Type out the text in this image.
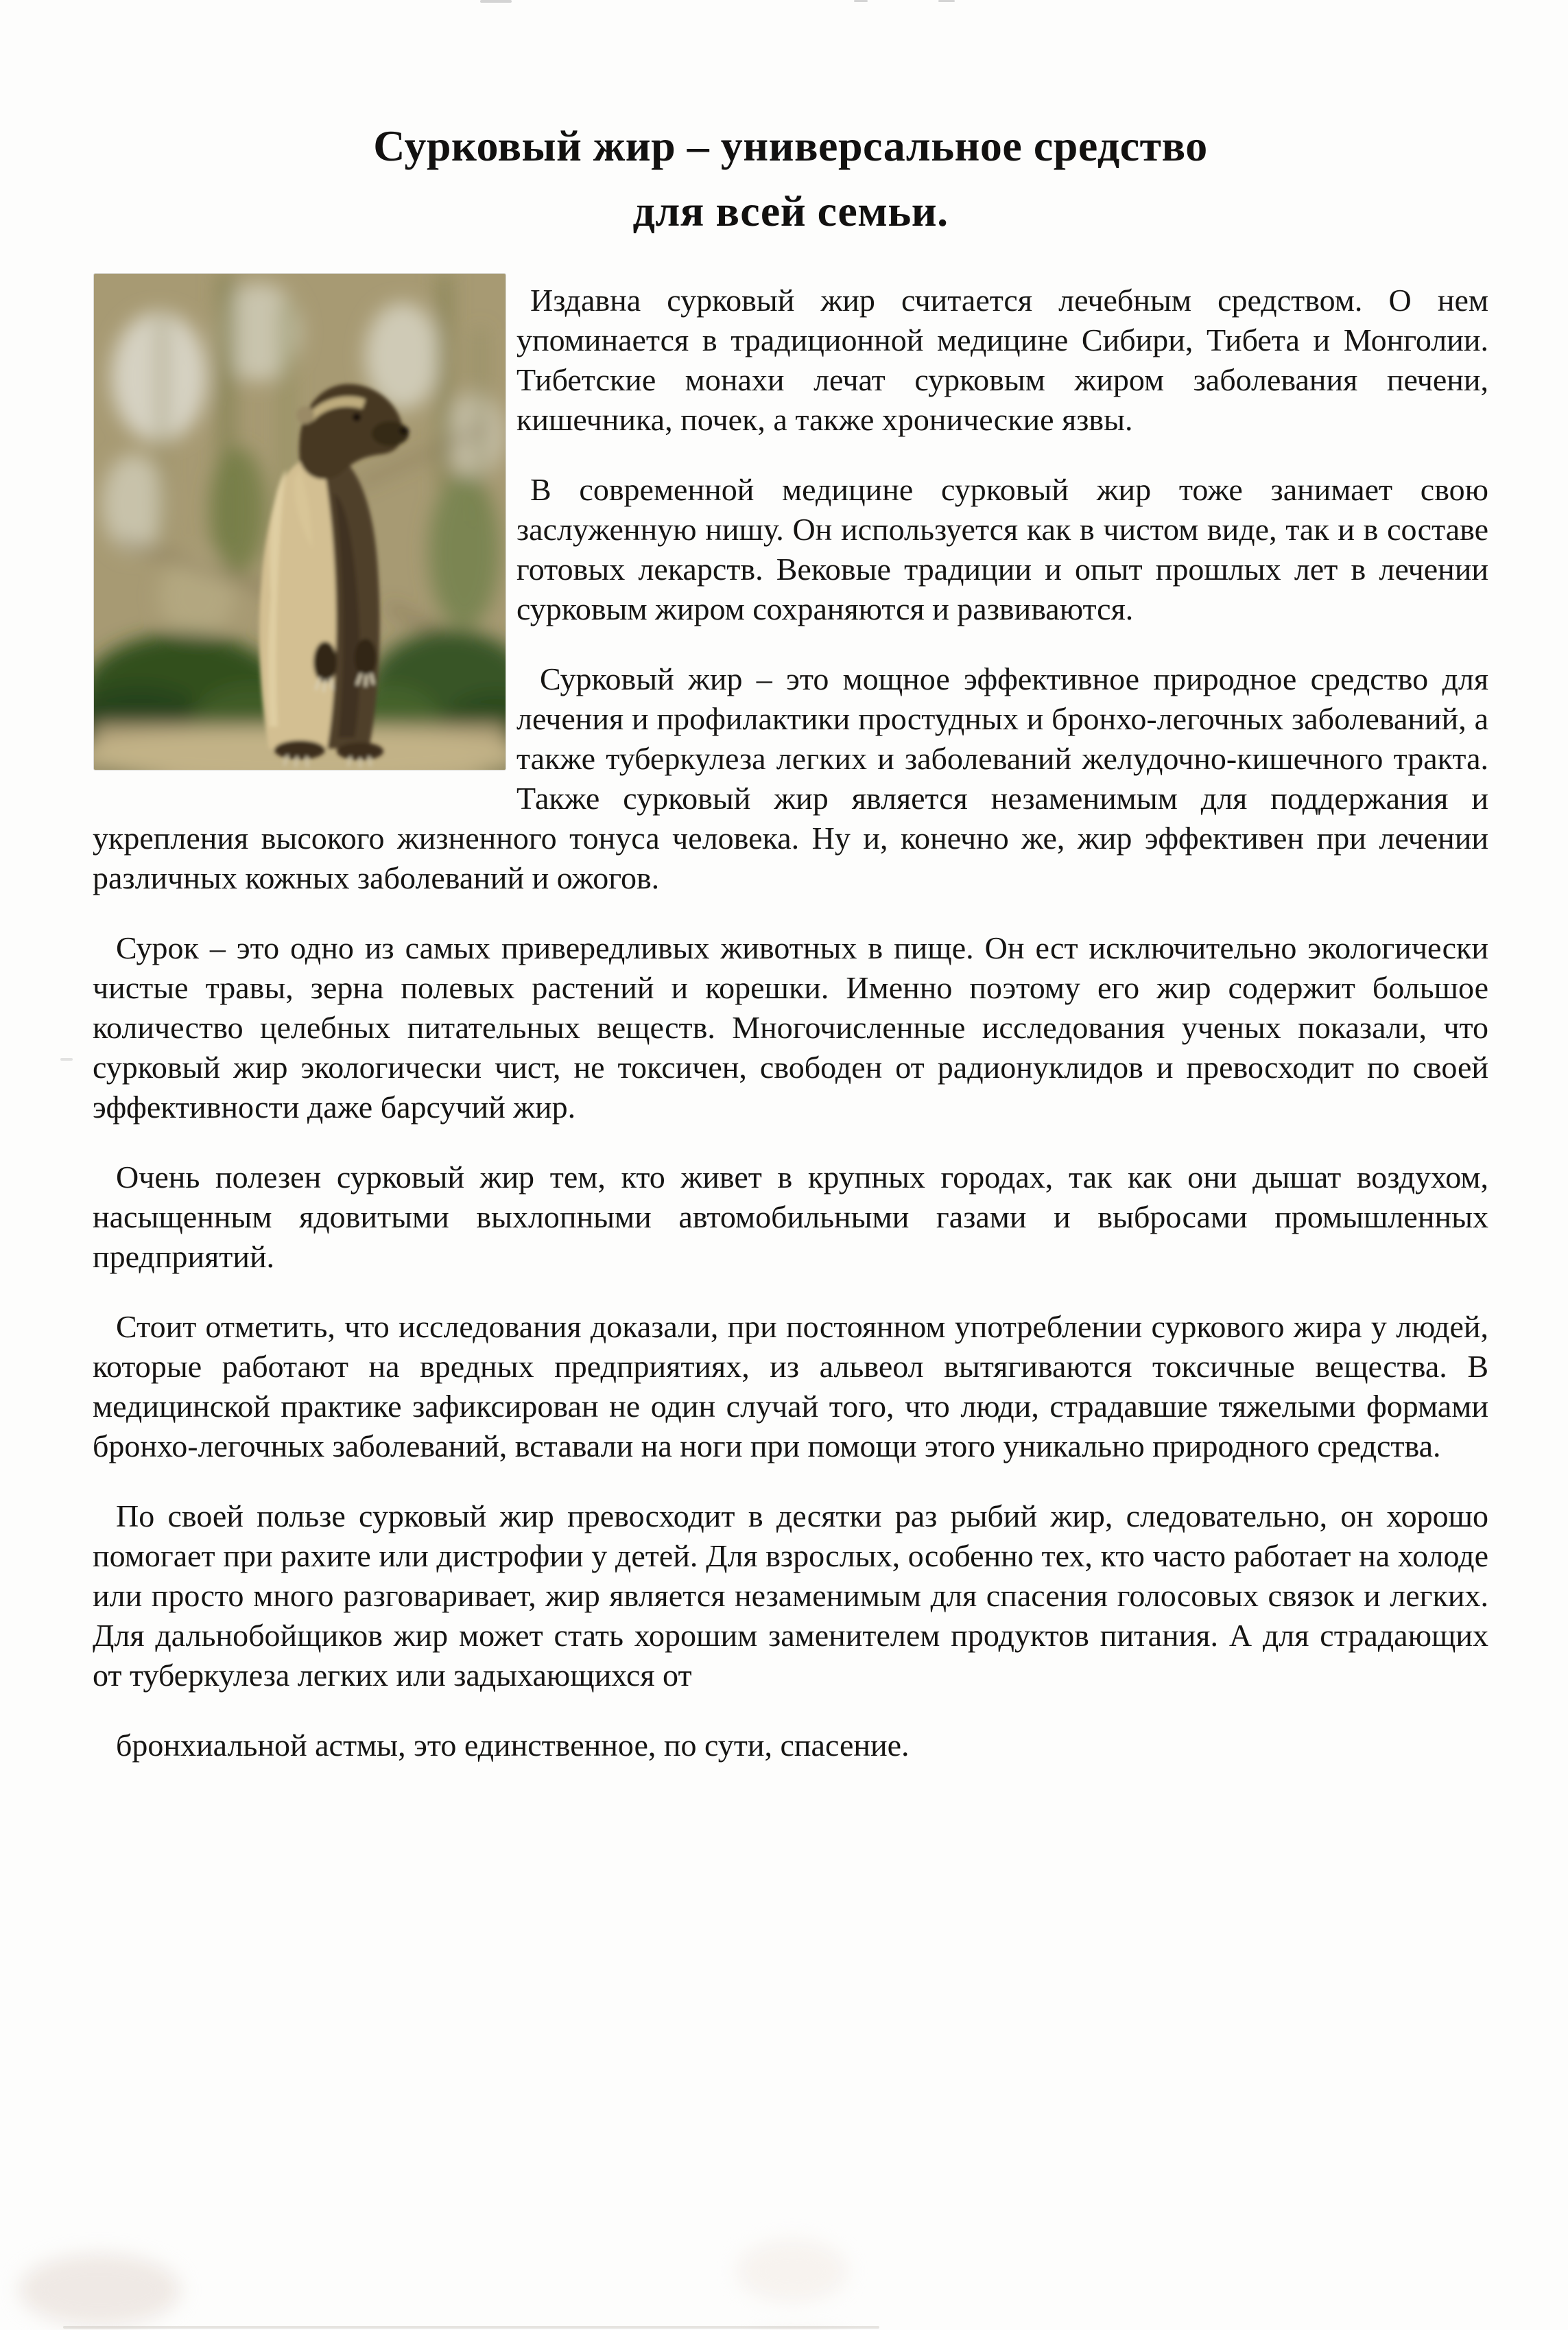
Сурковый жир – универсальное средство
для всей семьи.

Издавна сурковый жир считается лечебным средством. О нем упоминается в традиционной медицине Сибири, Тибета и Монголии. Тибетские монахи лечат сурковым жиром заболевания печени, кишечника, почек, а также хронические язвы.

В современной медицине сурковый жир тоже занимает свою заслуженную нишу. Он используется как в чистом виде, так и в составе готовых лекарств. Вековые традиции и опыт прошлых лет в лечении сурковым жиром сохраняются и развиваются.

Сурковый жир – это мощное эффективное природное средство для лечения и профилактики простудных и бронхо-легочных заболеваний, а также туберкулеза легких и заболеваний желудочно-кишечного тракта. Также сурковый жир является незаменимым для поддержания и укрепления высокого жизненного тонуса человека. Ну и, конечно же, жир эффективен при лечении различных кожных заболеваний и ожогов.

Сурок – это одно из самых привередливых животных в пище. Он ест исключительно экологически чистые травы, зерна полевых растений и корешки. Именно поэтому его жир содержит большое количество целебных питательных веществ. Многочисленные исследования ученых показали, что сурковый жир экологически чист, не токсичен, свободен от радионуклидов и превосходит по своей эффективности даже барсучий жир.

Очень полезен сурковый жир тем, кто живет в крупных городах, так как они дышат воздухом, насыщенным ядовитыми выхлопными автомобильными газами и выбросами промышленных предприятий.

Стоит отметить, что исследования доказали, при постоянном употреблении суркового жира у людей, которые работают на вредных предприятиях, из альвеол вытягиваются токсичные вещества. В медицинской практике зафиксирован не один случай того, что люди, страдавшие тяжелыми формами бронхо-легочных заболеваний, вставали на ноги при помощи этого уникально природного средства.

По своей пользе сурковый жир превосходит в десятки раз рыбий жир, следовательно, он хорошо помогает при рахите или дистрофии у детей. Для взрослых, особенно тех, кто часто работает на холоде или просто много разговаривает, жир является незаменимым для спасения голосовых связок и легких. Для дальнобойщиков жир может стать хорошим заменителем продуктов питания. А для страдающих от туберкулеза легких или задыхающихся от

бронхиальной астмы, это единственное, по сути, спасение.
